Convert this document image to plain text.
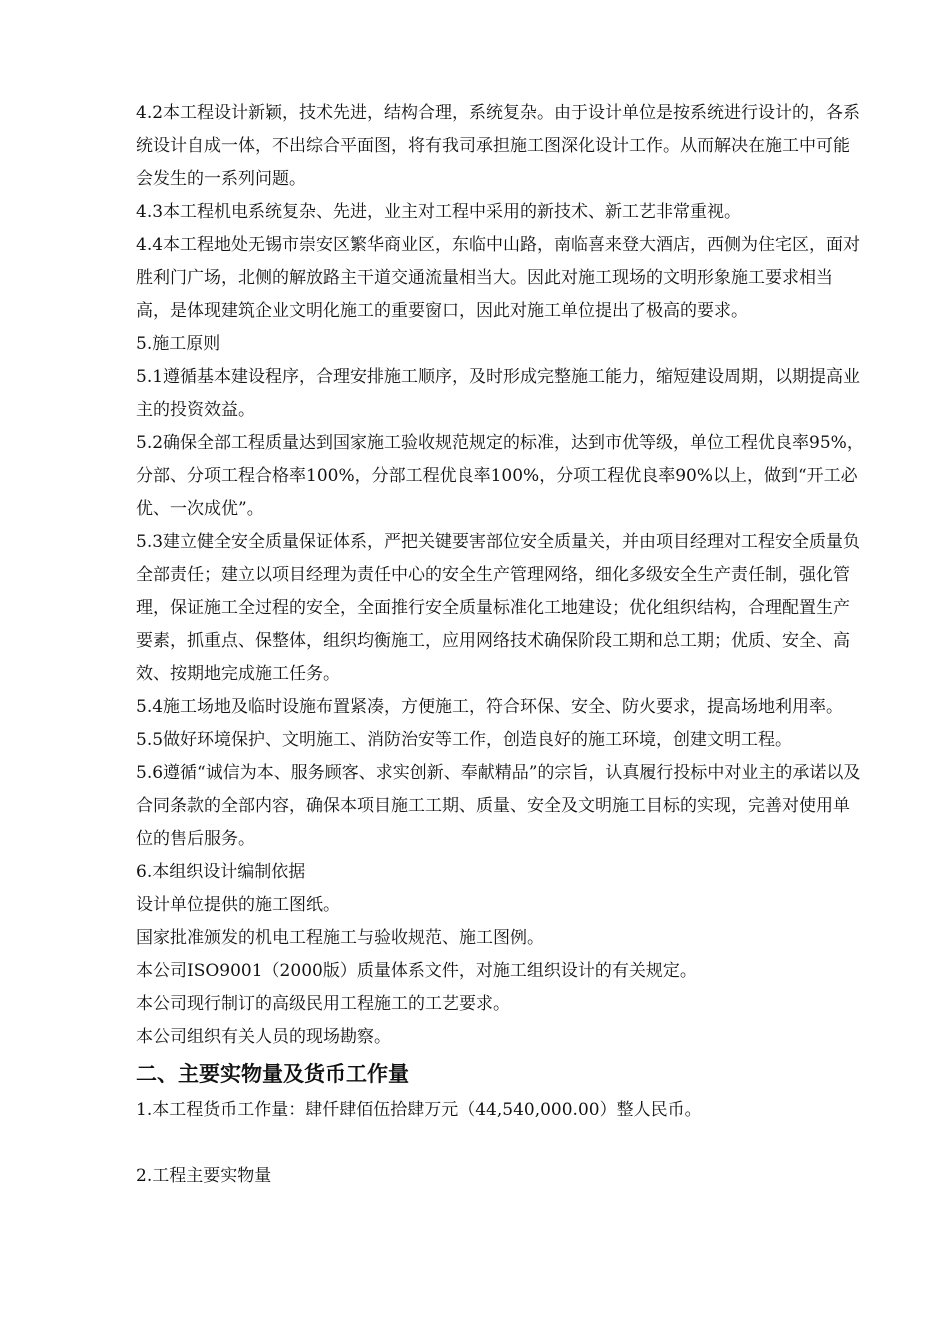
4.2本工程设计新颖，技术先进，结构合理，系统复杂。由于设计单位是按系统进行设计的，各系统设计自成一体，不出综合平面图，将有我司承担施工图深化设计工作。从而解决在施工中可能会发生的一系列问题。

4.3本工程机电系统复杂、先进，业主对工程中采用的新技术、新工艺非常重视。

4.4本工程地处无锡市崇安区繁华商业区，东临中山路，南临喜来登大酒店，西侧为住宅区，面对胜利门广场，北侧的解放路主干道交通流量相当大。因此对施工现场的文明形象施工要求相当高，是体现建筑企业文明化施工的重要窗口，因此对施工单位提出了极高的要求。

5.施工原则

5.1遵循基本建设程序，合理安排施工顺序，及时形成完整施工能力，缩短建设周期，以期提高业主的投资效益。

5.2确保全部工程质量达到国家施工验收规范规定的标准，达到市优等级，单位工程优良率95%，分部、分项工程合格率100%，分部工程优良率100%，分项工程优良率90%以上，做到“开工必优、一次成优”。

5.3建立健全安全质量保证体系，严把关键要害部位安全质量关，并由项目经理对工程安全质量负全部责任；建立以项目经理为责任中心的安全生产管理网络，细化多级安全生产责任制，强化管理，保证施工全过程的安全，全面推行安全质量标准化工地建设；优化组织结构，合理配置生产要素，抓重点、保整体，组织均衡施工，应用网络技术确保阶段工期和总工期；优质、安全、高效、按期地完成施工任务。

5.4施工场地及临时设施布置紧凑，方便施工，符合环保、安全、防火要求，提高场地利用率。

5.5做好环境保护、文明施工、消防治安等工作，创造良好的施工环境，创建文明工程。

5.6遵循“诚信为本、服务顾客、求实创新、奉献精品”的宗旨，认真履行投标中对业主的承诺以及合同条款的全部内容，确保本项目施工工期、质量、安全及文明施工目标的实现，完善对使用单位的售后服务。

6.本组织设计编制依据

设计单位提供的施工图纸。

国家批准颁发的机电工程施工与验收规范、施工图例。

本公司ISO9001（2000版）质量体系文件，对施工组织设计的有关规定。

本公司现行制订的高级民用工程施工的工艺要求。

本公司组织有关人员的现场勘察。

二、主要实物量及货币工作量

1.本工程货币工作量：肆仟肆佰伍拾肆万元（44,540,000.00）整人民币。

2.工程主要实物量
